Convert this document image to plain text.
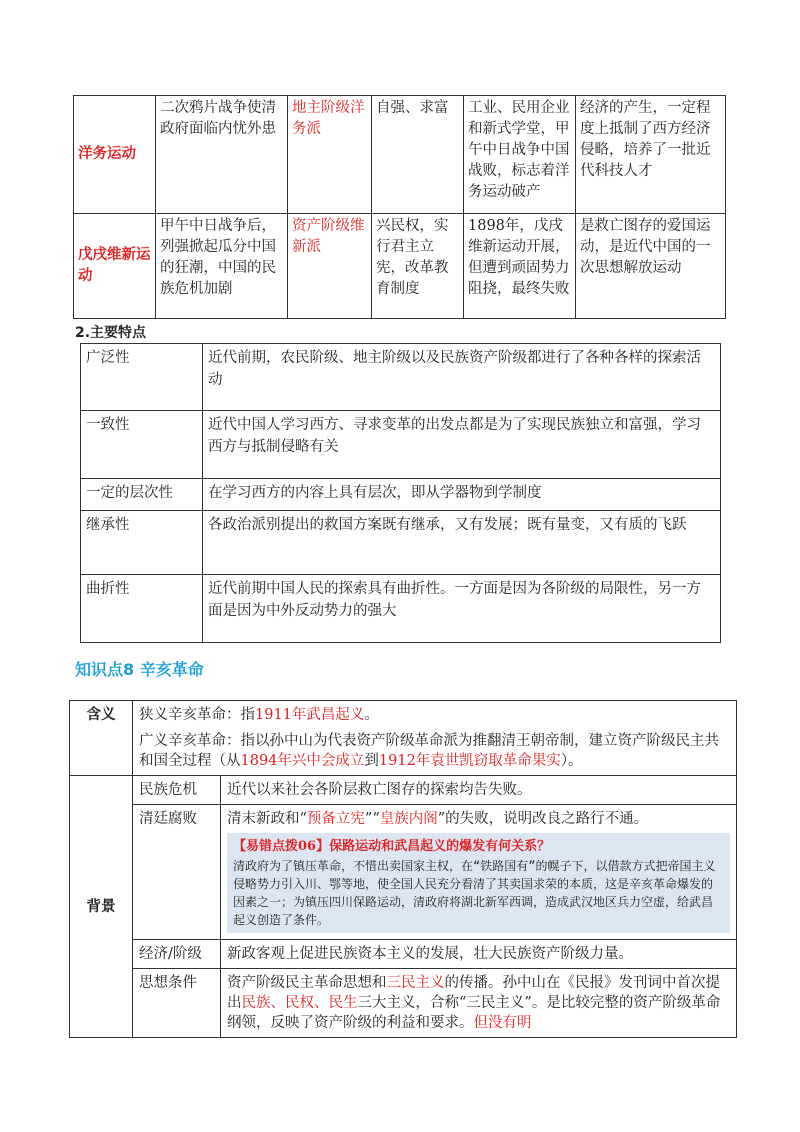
洋务运动	二次鸦片战争使清政府面临内忧外患	地主阶级洋务派	自强、求富	工业、民用企业和新式学堂，甲午中日战争中国战败，标志着洋务运动破产	经济的产生，一定程度上抵制了西方经济侵略，培养了一批近代科技人才
戊戌维新运动	甲午中日战争后，列强掀起瓜分中国的狂潮，中国的民族危机加剧	资产阶级维新派	兴民权，实行君主立宪，改革教育制度	1898年，戊戌维新运动开展，但遭到顽固势力阻挠，最终失败	是救亡图存的爱国运动，是近代中国的一次思想解放运动
2.主要特点
广泛性	近代前期，农民阶级、地主阶级以及民族资产阶级都进行了各种各样的探索活动
一致性	近代中国人学习西方、寻求变革的出发点都是为了实现民族独立和富强，学习西方与抵制侵略有关
一定的层次性	在学习西方的内容上具有层次，即从学器物到学制度
继承性	各政治派别提出的救国方案既有继承，又有发展；既有量变，又有质的飞跃
曲折性	近代前期中国人民的探索具有曲折性。一方面是因为各阶级的局限性，另一方面是因为中外反动势力的强大
知识点8 辛亥革命
含义	狭义辛亥革命：指1911年武昌起义。
广义辛亥革命：指以孙中山为代表资产阶级革命派为推翻清王朝帝制，建立资产阶级民主共和国全过程（从1894年兴中会成立到1912年袁世凯窃取革命果实）。	

背景	民族危机	近代以来社会各阶层救亡图存的探索均告失败。
	清廷腐败	清末新政和“预备立宪”“皇族内阁”的失败，说明改良之路行不通。
【易错点拨06】保路运动和武昌起义的爆发有何关系？
清政府为了镇压革命，不惜出卖国家主权，在“铁路国有”的幌子下，以借款方式把帝国主义侵略势力引入川、鄂等地，使全国人民充分看清了其卖国求荣的本质，这是辛亥革命爆发的因素之一；为镇压四川保路运动，清政府将湖北新军西调，造成武汉地区兵力空虚，给武昌起义创造了条件。

	经济/阶级	新政客观上促进民族资本主义的发展，壮大民族资产阶级力量。
	思想条件	资产阶级民主革命思想和三民主义的传播。孙中山在《民报》发刊词中首次提出民族、民权、民生三大主义，合称“三民主义”。是比较完整的资产阶级革命纲领，反映了资产阶级的利益和要求。但没有明
